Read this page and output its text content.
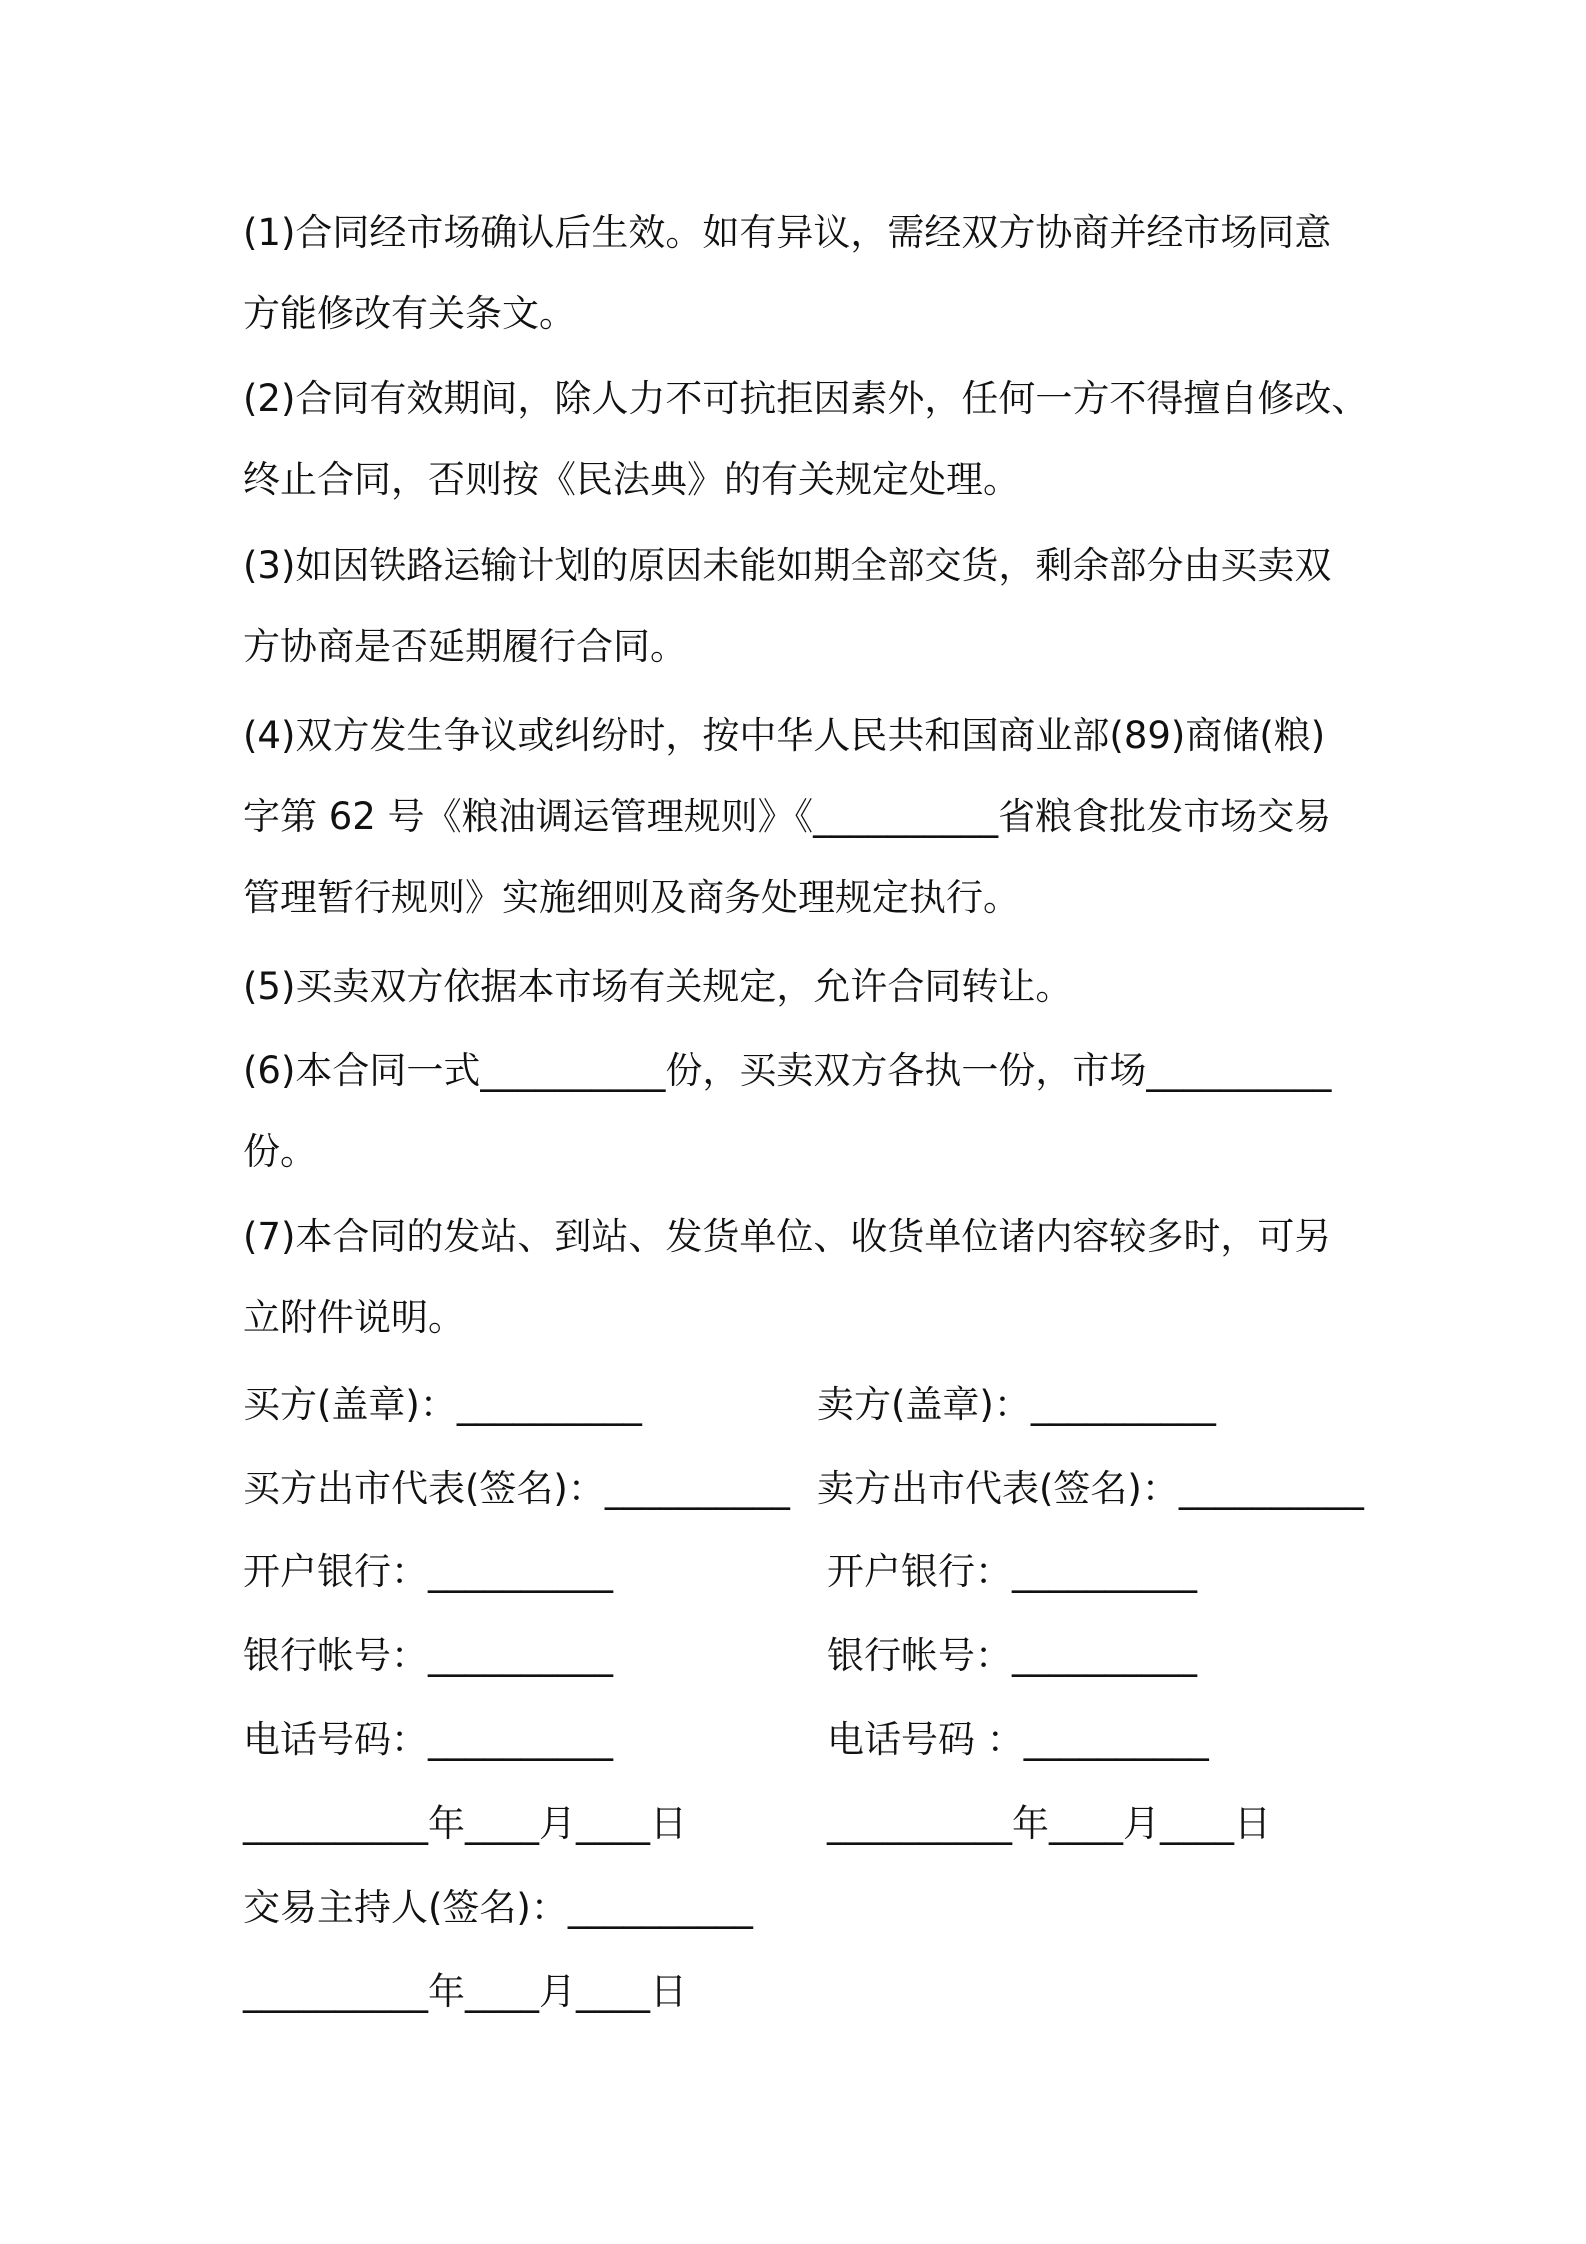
(1)合同经市场确认后生效。如有异议，需经双方协商并经市场同意
方能修改有关条文。
(2)合同有效期间，除人力不可抗拒因素外，任何一方不得擅自修改、
终止合同，否则按《民法典》的有关规定处理。
(3)如因铁路运输计划的原因未能如期全部交货，剩余部分由买卖双
方协商是否延期履行合同。
(4)双方发生争议或纠纷时，按中华人民共和国商业部(89)商储(粮)
字第 62 号《粮油调运管理规则》《__________省粮食批发市场交易
管理暂行规则》实施细则及商务处理规定执行。
(5)买卖双方依据本市场有关规定，允许合同转让。
(6)本合同一式__________份，买卖双方各执一份，市场__________
份。
(7)本合同的发站、到站、发货单位、收货单位诸内容较多时，可另
立附件说明。
买方(盖章)：__________	卖方(盖章)：__________
买方出市代表(签名)：__________ 卖方出市代表(签名)：__________
开户银行：__________	开户银行：__________
银行帐号：__________	银行帐号：__________
电话号码：__________	电话号码 ：__________
__________年____月____日	__________年____月____日
交易主持人(签名)：__________
__________年____月____日
